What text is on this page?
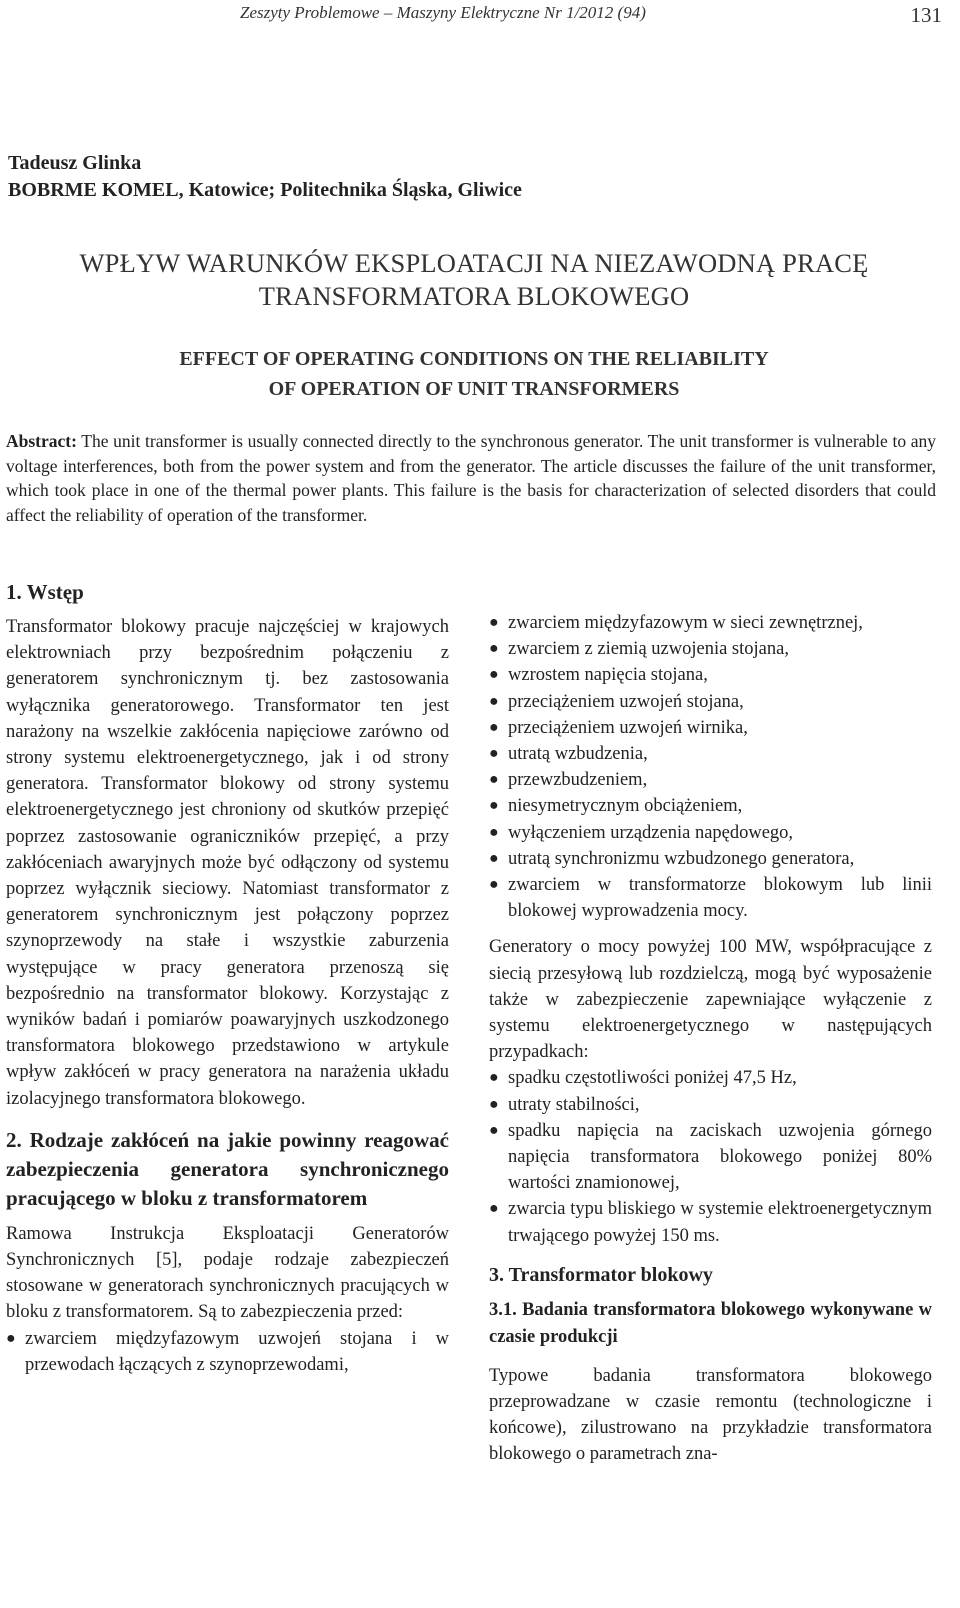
Zeszyty Problemowe – Maszyny Elektryczne Nr 1/2012 (94)	131
Tadeusz Glinka
BOBRME KOMEL, Katowice; Politechnika Śląska, Gliwice
WPŁYW WARUNKÓW EKSPLOATACJI NA NIEZAWODNĄ PRACĘ
TRANSFORMATORA BLOKOWEGO
EFFECT OF OPERATING CONDITIONS ON THE RELIABILITY
OF OPERATION OF UNIT TRANSFORMERS
Abstract: The unit transformer is usually connected directly to the synchronous generator. The unit transformer is vulnerable to any voltage interferences, both from the power system and from the generator. The article discusses the failure of the unit transformer, which took place in one of the thermal power plants. This failure is the basis for characterization of selected disorders that could affect the reliability of operation of the transformer.
1. Wstęp

Transformator blokowy pracuje najczęściej w krajowych elektrowniach przy bezpośrednim połączeniu z generatorem synchronicznym tj. bez zastosowania wyłącznika generatorowego. Transformator ten jest narażony na wszelkie zakłócenia napięciowe zarówno od strony systemu elektroenergetycznego, jak i od strony generatora. Transformator blokowy od strony systemu elektroenergetycznego jest chroniony od skutków przepięć poprzez zastosowanie ograniczników przepięć, a przy zakłóceniach awaryjnych może być odłączony od systemu poprzez wyłącznik sieciowy. Natomiast transformator z generatorem synchronicznym jest połączony poprzez szynoprzewody na stałe i wszystkie zaburzenia występujące w pracy generatora przenoszą się bezpośrednio na transformator blokowy. Korzystając z wyników badań i pomiarów poawaryjnych uszkodzonego transformatora blokowego przedstawiono w artykule wpływ zakłóceń w pracy generatora na narażenia układu izolacyjnego transformatora blokowego.

2. Rodzaje zakłóceń na jakie powinny reagować zabezpieczenia generatora synchronicznego pracującego w bloku z transformatorem

Ramowa Instrukcja Eksploatacji Generatorów Synchronicznych [5], podaje rodzaje zabezpieczeń stosowane w generatorach synchronicznych pracujących w bloku z transformatorem. Są to zabezpieczenia przed:

● zwarciem międzyfazowym uzwojeń stojana i w przewodach łączących z szynoprzewodami,
● zwarciem międzyfazowym w sieci zewnętrznej,
● zwarciem z ziemią uzwojenia stojana,
● wzrostem napięcia stojana,
● przeciążeniem uzwojeń stojana,
● przeciążeniem uzwojeń wirnika,
● utratą wzbudzenia,
● przewzbudzeniem,
● niesymetrycznym obciążeniem,
● wyłączeniem urządzenia napędowego,
● utratą synchronizmu wzbudzonego generatora,
● zwarciem w transformatorze blokowym lub linii blokowej wyprowadzenia mocy.

Generatory o mocy powyżej 100 MW, współpracujące z siecią przesyłową lub rozdzielczą, mogą być wyposażenie także w zabezpieczenie zapewniające wyłączenie z systemu elektroenergetycznego w następujących przypadkach:

● spadku częstotliwości poniżej 47,5 Hz,
● utraty stabilności,
● spadku napięcia na zaciskach uzwojenia górnego napięcia transformatora blokowego poniżej 80% wartości znamionowej,
● zwarcia typu bliskiego w systemie elektroenergetycznym trwającego powyżej 150 ms.
3. Transformator blokowy
3.1. Badania transformatora blokowego wykonywane w czasie produkcji

Typowe badania transformatora blokowego przeprowadzane w czasie remontu (technologiczne i końcowe), zilustrowano na przykładzie transformatora blokowego o parametrach zna-
